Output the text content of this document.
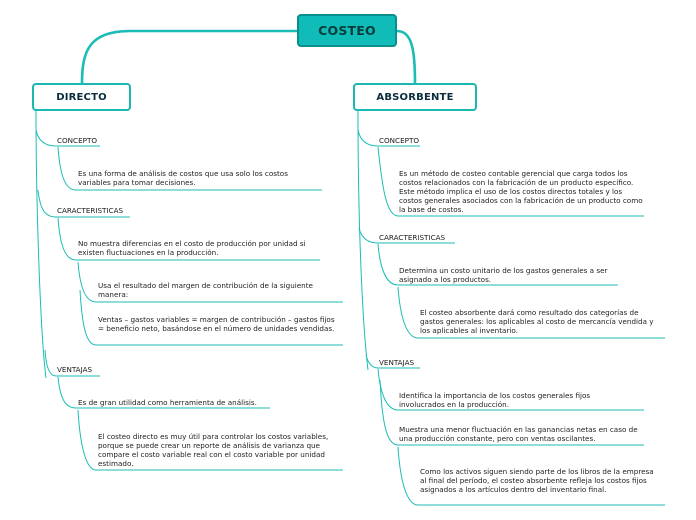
COSTEO
DIRECTO	ABSORBENTE
CONCEPTO
Es una forma de análisis de costos que usa solo los costos variables para tomar decisiones.
CARACTERISTICAS
No muestra diferencias en el costo de producción por unidad si existen fluctuaciones en la producción.
Usa el resultado del margen de contribución de la siguiente manera:
Ventas – gastos variables = margen de contribución – gastos fijos = beneficio neto, basándose en el número de unidades vendidas.
VENTAJAS
Es de gran utilidad como herramienta de análisis.
El costeo directo es muy útil para controlar los costos variables, porque se puede crear un reporte de análisis de varianza que compare el costo variable real con el costo variable por unidad estimado.
CONCEPTO
Es un método de costeo contable gerencial que carga todos los costos relacionados con la fabricación de un producto específico. Este método implica el uso de los costos directos totales y los costos generales asociados con la fabricación de un producto como la base de costos.
CARACTERISTICAS
Determina un costo unitario de los gastos generales a ser asignado a los productos.
El costeo absorbente dará como resultado dos categorías de gastos generales: los aplicables al costo de mercancía vendida y los aplicables al inventario.
VENTAJAS
Identifica la importancia de los costos generales fijos involucrados en la producción.
Muestra una menor fluctuación en las ganancias netas en caso de una producción constante, pero con ventas oscilantes.
Como los activos siguen siendo parte de los libros de la empresa al final del período, el costeo absorbente refleja los costos fijos asignados a los artículos dentro del inventario final.
